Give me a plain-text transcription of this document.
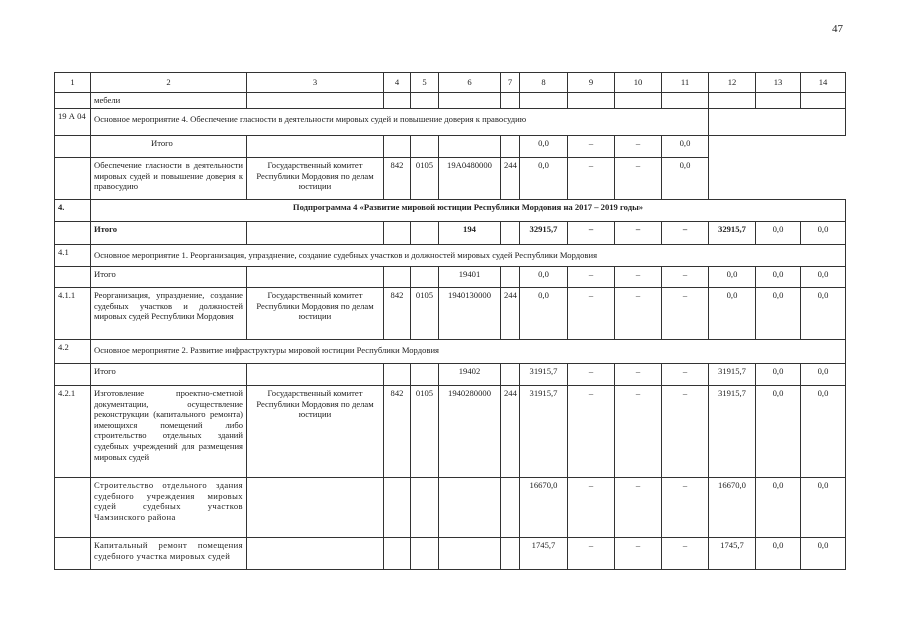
47
1	2	3	4	5	6	7	8	9	10	11	12	13	14
	мебели												
19 А 04	Основное мероприятие 4. Обеспечение гласности в деятельности мировых судей и повышение доверия к правосудию												
	Итого						0,0	–	–	0,0			
	Обеспечение гласности в деятельности мировых судей и повышение доверия к правосудию	Государственный комитет Республики Мордовия по делам юстиции	842	0105	19А0480000	244	0,0	–	–	0,0			
4.	Подпрограмма 4 «Развитие мировой юстиции Республики Мордовия на 2017 – 2019 годы»												
	Итого				194		32915,7	–	–	–	32915,7	0,0	0,0
4.1	Основное мероприятие 1. Реорганизация, упразднение, создание судебных участков и должностей мировых судей Республики Мордовия												
	Итого				19401		0,0	–	–	–	0,0	0,0	0,0
4.1.1	Реорганизация, упразднение, создание судебных участков и должностей мировых судей Республики Мордовия	Государственный комитет Республики Мордовия по делам юстиции	842	0105	1940130000	244	0,0	–	–	–	0,0	0,0	0,0
4.2	Основное мероприятие 2. Развитие инфраструктуры мировой юстиции Республики Мордовия												
	Итого				19402		31915,7	–	–	–	31915,7	0,0	0,0
4.2.1	Изготовление проектно-сметной документации, осуществление реконструкции (капитального ремонта) имеющихся помещений либо строительство отдельных зданий судебных учреждений для размещения мировых судей	Государственный комитет Республики Мордовия по делам юстиции	842	0105	1940280000	244	31915,7	–	–	–	31915,7	0,0	0,0
	Строительство отдельного здания судебного учреждения мировых судей судебных участков Чамзинского района						16670,0	–	–	–	16670,0	0,0	0,0
	Капитальный ремонт помещения судебного участка мировых судей						1745,7	–	–	–	1745,7	0,0	0,0
